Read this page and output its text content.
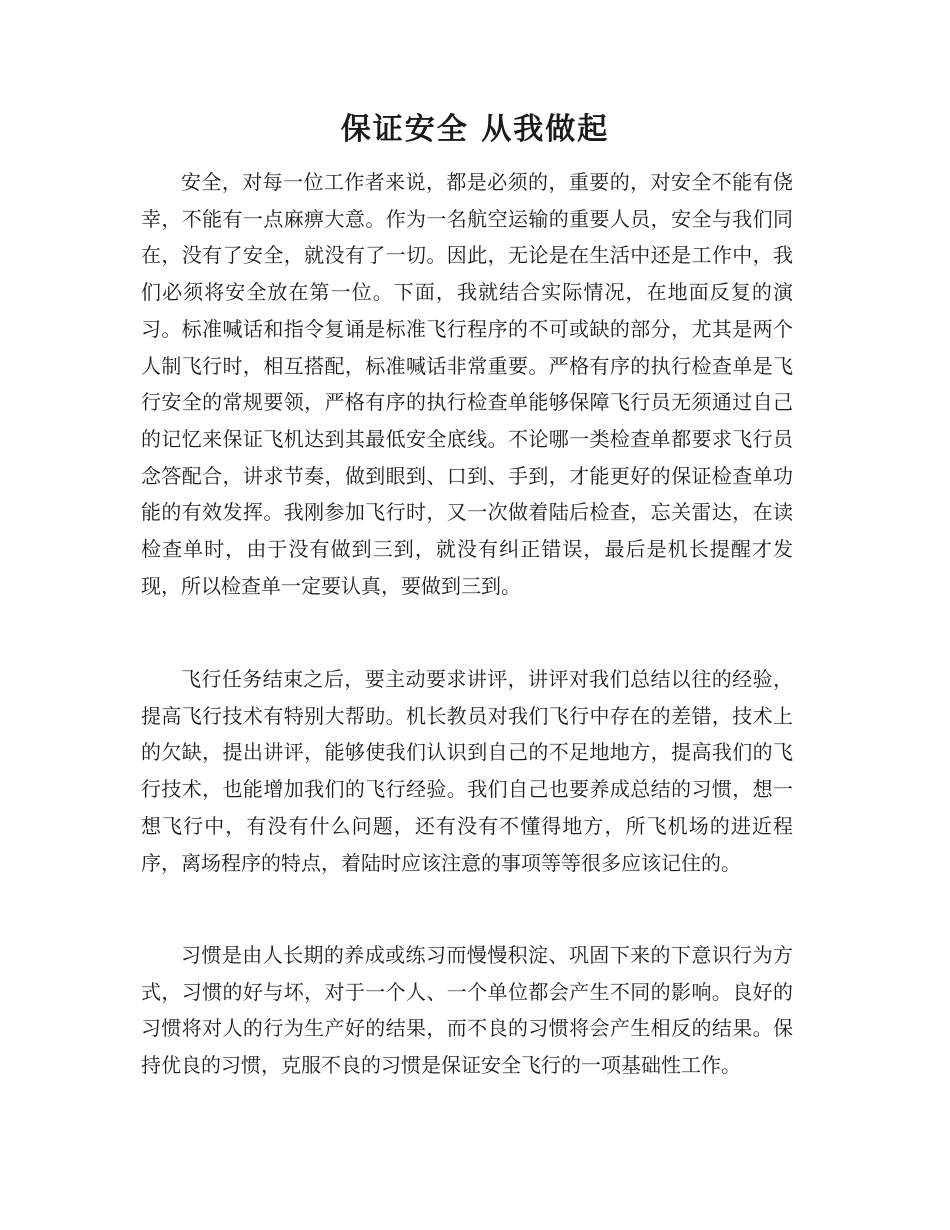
保证安全 从我做起

安全，对每一位工作者来说，都是必须的，重要的，对安全不能有侥幸，不能有一点麻痹大意。作为一名航空运输的重要人员，安全与我们同在，没有了安全，就没有了一切。因此，无论是在生活中还是工作中，我们必须将安全放在第一位。下面，我就结合实际情况，在地面反复的演习。标准喊话和指令复诵是标准飞行程序的不可或缺的部分，尤其是两个人制飞行时，相互搭配，标准喊话非常重要。严格有序的执行检查单是飞行安全的常规要领，严格有序的执行检查单能够保障飞行员无须通过自己的记忆来保证飞机达到其最低安全底线。不论哪一类检查单都要求飞行员念答配合，讲求节奏，做到眼到、口到、手到，才能更好的保证检查单功能的有效发挥。我刚参加飞行时，又一次做着陆后检查，忘关雷达，在读检查单时，由于没有做到三到，就没有纠正错误，最后是机长提醒才发现，所以检查单一定要认真，要做到三到。

飞行任务结束之后，要主动要求讲评，讲评对我们总结以往的经验，提高飞行技术有特别大帮助。机长教员对我们飞行中存在的差错，技术上的欠缺，提出讲评，能够使我们认识到自己的不足地地方，提高我们的飞行技术，也能增加我们的飞行经验。我们自己也要养成总结的习惯，想一想飞行中，有没有什么问题，还有没有不懂得地方，所飞机场的进近程序，离场程序的特点，着陆时应该注意的事项等等很多应该记住的。

习惯是由人长期的养成或练习而慢慢积淀、巩固下来的下意识行为方式，习惯的好与坏，对于一个人、一个单位都会产生不同的影响。良好的习惯将对人的行为生产好的结果，而不良的习惯将会产生相反的结果。保持优良的习惯，克服不良的习惯是保证安全飞行的一项基础性工作。
